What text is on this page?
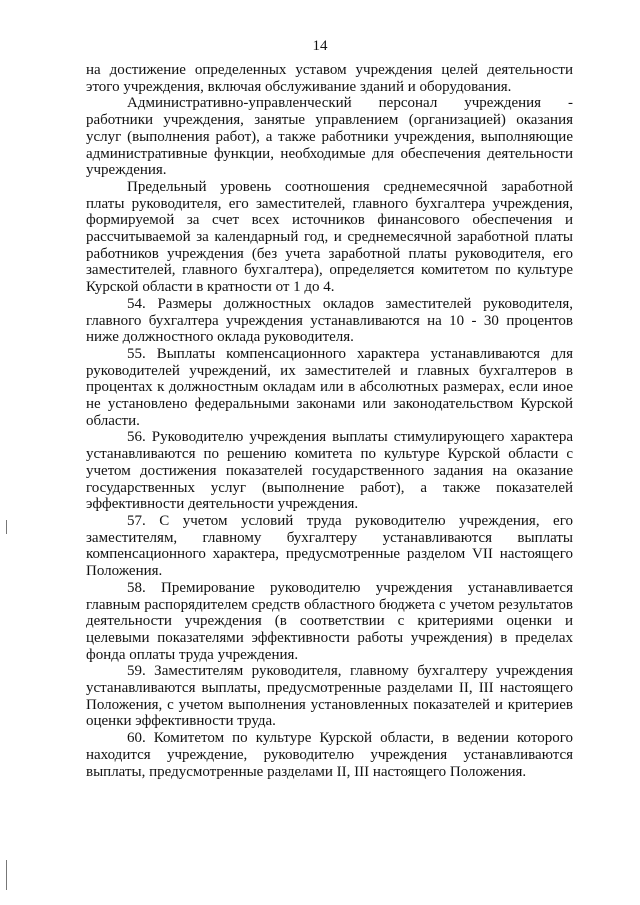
14

на достижение определенных уставом учреждения целей деятельности этого учреждения, включая обслуживание зданий и оборудования.

Административно-управленческий персонал учреждения - работники учреждения, занятые управлением (организацией) оказания услуг (выполнения работ), а также работники учреждения, выполняющие административные функции, необходимые для обеспечения деятельности учреждения.

Предельный уровень соотношения среднемесячной заработной платы руководителя, его заместителей, главного бухгалтера учреждения, формируемой за счет всех источников финансового обеспечения и рассчитываемой за календарный год, и среднемесячной заработной платы работников учреждения (без учета заработной платы руководителя, его заместителей, главного бухгалтера), определяется комитетом по культуре Курской области в кратности от 1 до 4.

54. Размеры должностных окладов заместителей руководителя, главного бухгалтера учреждения устанавливаются на 10 - 30 процентов ниже должностного оклада руководителя.

55. Выплаты компенсационного характера устанавливаются для руководителей учреждений, их заместителей и главных бухгалтеров в процентах к должностным окладам или в абсолютных размерах, если иное не установлено федеральными законами или законодательством Курской области.

56. Руководителю учреждения выплаты стимулирующего характера устанавливаются по решению комитета по культуре Курской области с учетом достижения показателей государственного задания на оказание государственных услуг (выполнение работ), а также показателей эффективности деятельности учреждения.

57. С учетом условий труда руководителю учреждения, его заместителям, главному бухгалтеру устанавливаются выплаты компенсационного характера, предусмотренные разделом VII настоящего Положения.

58. Премирование руководителю учреждения устанавливается главным распорядителем средств областного бюджета с учетом результатов деятельности учреждения (в соответствии с критериями оценки и целевыми показателями эффективности работы учреждения) в пределах фонда оплаты труда учреждения.

59. Заместителям руководителя, главному бухгалтеру учреждения устанавливаются выплаты, предусмотренные разделами II, III настоящего Положения, с учетом выполнения установленных показателей и критериев оценки эффективности труда.

60. Комитетом по культуре Курской области, в ведении которого находится учреждение, руководителю учреждения устанавливаются выплаты, предусмотренные разделами II, III настоящего Положения.
